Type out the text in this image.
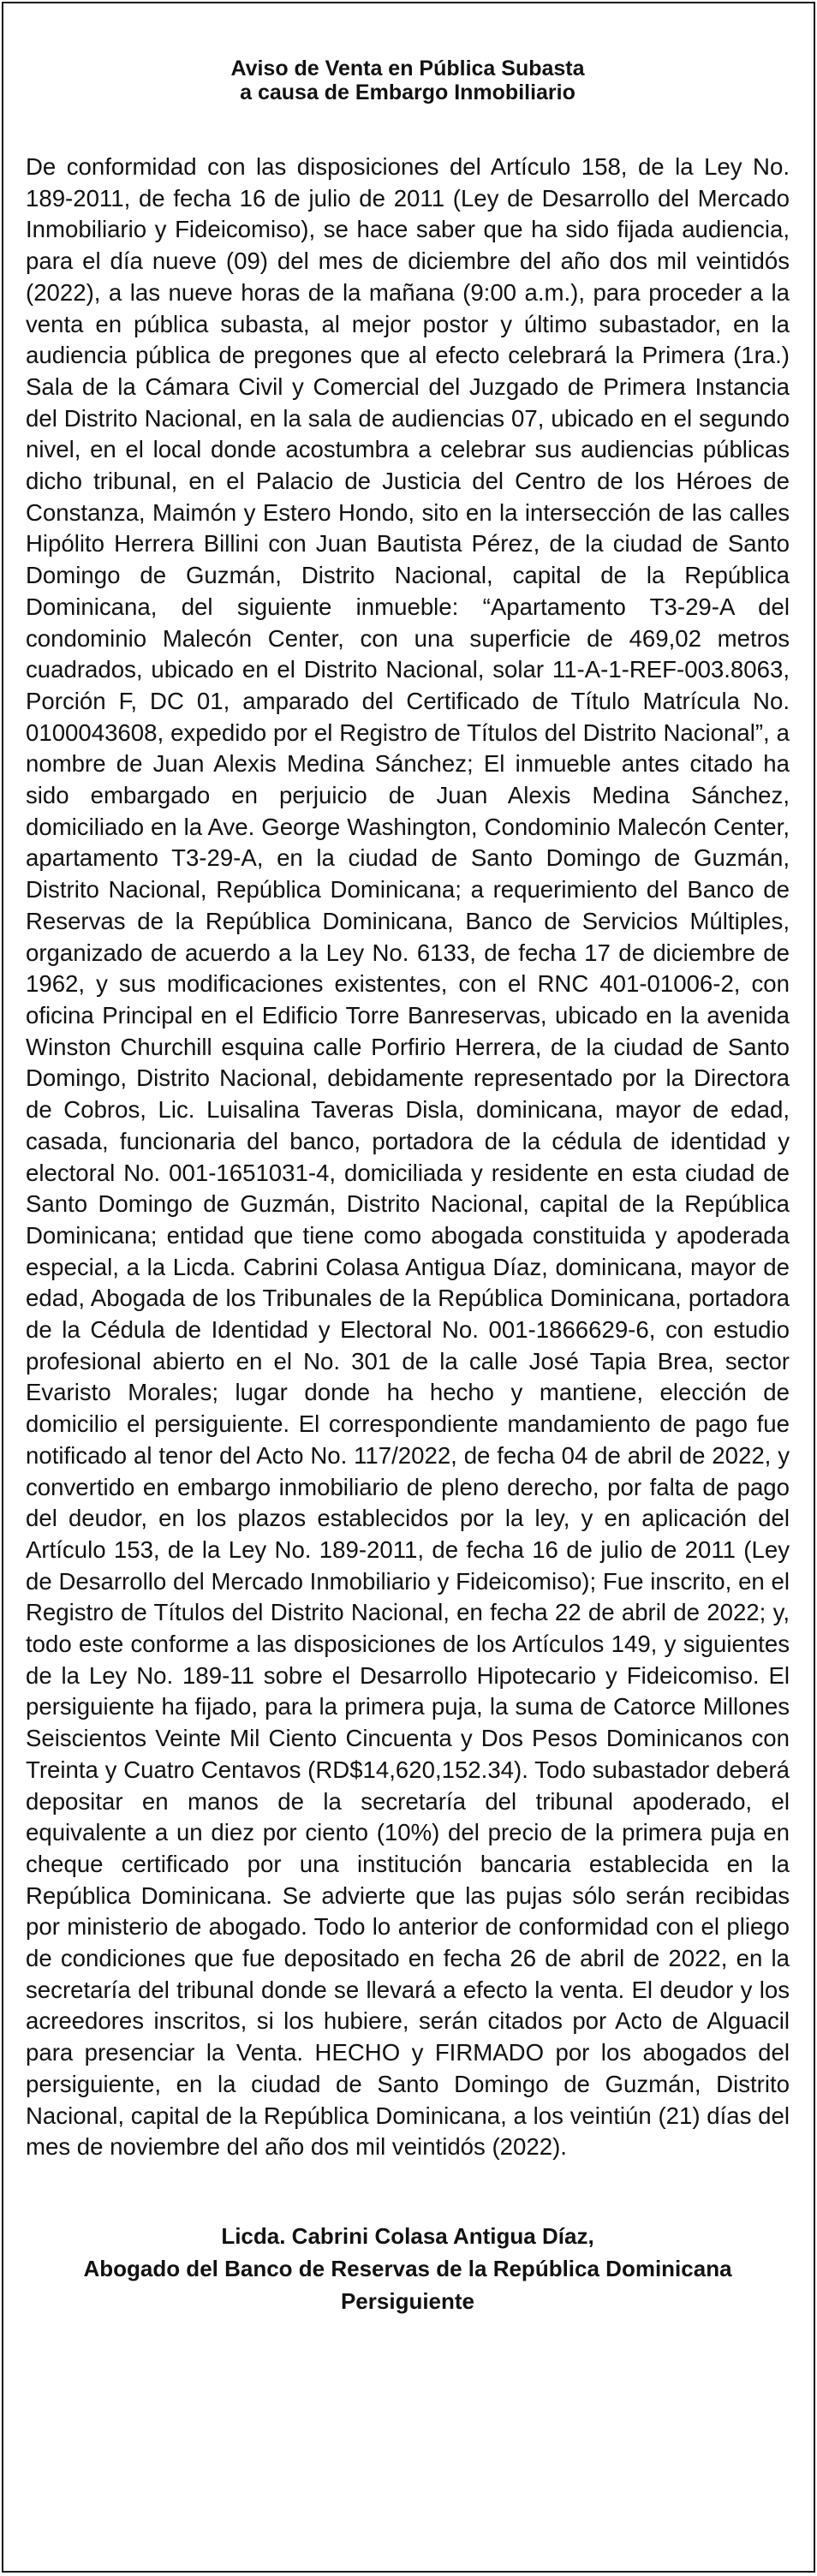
Aviso de Venta en Pública Subasta
a causa de Embargo Inmobiliario

De conformidad con las disposiciones del Artículo 158, de la Ley No. 189-2011, de fecha 16 de julio de 2011 (Ley de Desarrollo del Mercado Inmobiliario y Fideicomiso), se hace saber que ha sido fijada audiencia, para el día nueve (09) del mes de diciembre del año dos mil veintidós (2022), a las nueve horas de la mañana (9:00 a.m.), para proceder a la venta en pública subasta, al mejor postor y último subastador, en la audiencia pública de pregones que al efecto celebrará la Primera (1ra.) Sala de la Cámara Civil y Comercial del Juzgado de Primera Instancia del Distrito Nacional, en la sala de audiencias 07, ubicado en el segundo nivel, en el local donde acostumbra a celebrar sus audiencias públicas dicho tribunal, en el Palacio de Justicia del Centro de los Héroes de Constanza, Maimón y Estero Hondo, sito en la intersección de las calles Hipólito Herrera Billini con Juan Bautista Pérez, de la ciudad de Santo Domingo de Guzmán, Distrito Nacional, capital de la República Dominicana, del siguiente inmueble: “Apartamento T3-29-A del condominio Malecón Center, con una superficie de 469,02 metros cuadrados, ubicado en el Distrito Nacional, solar 11-A-1-REF-003.8063, Porción F, DC 01, amparado del Certificado de Título Matrícula No. 0100043608, expedido por el Registro de Títulos del Distrito Nacional”, a nombre de Juan Alexis Medina Sánchez; El inmueble antes citado ha sido embargado en perjuicio de Juan Alexis Medina Sánchez, domiciliado en la Ave. George Washington, Condominio Malecón Center, apartamento T3-29-A, en la ciudad de Santo Domingo de Guzmán, Distrito Nacional, República Dominicana; a requerimiento del Banco de Reservas de la República Dominicana, Banco de Servicios Múltiples, organizado de acuerdo a la Ley No. 6133, de fecha 17 de diciembre de 1962, y sus modificaciones existentes, con el RNC 401-01006-2, con oficina Principal en el Edificio Torre Banreservas, ubicado en la avenida Winston Churchill esquina calle Porfirio Herrera, de la ciudad de Santo Domingo, Distrito Nacional, debidamente representado por la Directora de Cobros, Lic. Luisalina Taveras Disla, dominicana, mayor de edad, casada, funcionaria del banco, portadora de la cédula de identidad y electoral No. 001-1651031-4, domiciliada y residente en esta ciudad de Santo Domingo de Guzmán, Distrito Nacional, capital de la República Dominicana; entidad que tiene como abogada constituida y apoderada especial, a la Licda. Cabrini Colasa Antigua Díaz, dominicana, mayor de edad, Abogada de los Tribunales de la República Dominicana, portadora de la Cédula de Identidad y Electoral No. 001-1866629-6, con estudio profesional abierto en el No. 301 de la calle José Tapia Brea, sector Evaristo Morales; lugar donde ha hecho y mantiene, elección de domicilio el persiguiente. El correspondiente mandamiento de pago fue notificado al tenor del Acto No. 117/2022, de fecha 04 de abril de 2022, y convertido en embargo inmobiliario de pleno derecho, por falta de pago del deudor, en los plazos establecidos por la ley, y en aplicación del Artículo 153, de la Ley No. 189-2011, de fecha 16 de julio de 2011 (Ley de Desarrollo del Mercado Inmobiliario y Fideicomiso); Fue inscrito, en el Registro de Títulos del Distrito Nacional, en fecha 22 de abril de 2022; y, todo este conforme a las disposiciones de los Artículos 149, y siguientes de la Ley No. 189-11 sobre el Desarrollo Hipotecario y Fideicomiso. El persiguiente ha fijado, para la primera puja, la suma de Catorce Millones Seiscientos Veinte Mil Ciento Cincuenta y Dos Pesos Dominicanos con Treinta y Cuatro Centavos (RD$14,620,152.34). Todo subastador deberá depositar en manos de la secretaría del tribunal apoderado, el equivalente a un diez por ciento (10%) del precio de la primera puja en cheque certificado por una institución bancaria establecida en la República Dominicana. Se advierte que las pujas sólo serán recibidas por ministerio de abogado. Todo lo anterior de conformidad con el pliego de condiciones que fue depositado en fecha 26 de abril de 2022, en la secretaría del tribunal donde se llevará a efecto la venta. El deudor y los acreedores inscritos, si los hubiere, serán citados por Acto de Alguacil para presenciar la Venta. HECHO y FIRMADO por los abogados del persiguiente, en la ciudad de Santo Domingo de Guzmán, Distrito Nacional, capital de la República Dominicana, a los veintiún (21) días del mes de noviembre del año dos mil veintidós (2022).

Licda. Cabrini Colasa Antigua Díaz,
Abogado del Banco de Reservas de la República Dominicana
Persiguiente
